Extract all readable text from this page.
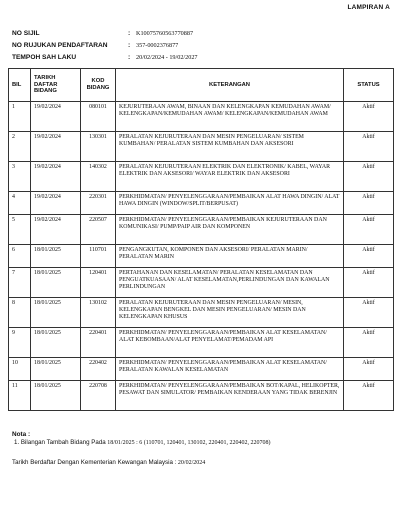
LAMPIRAN A
NO SIJIL	: K10075760563770887
NO RUJUKAN PENDAFTARAN	: 357-0002376877
TEMPOH SAH LAKU	: 20/02/2024 - 19/02/2027
BIL	TARIKH DAFTAR BIDANG	KOD BIDANG	KETERANGAN	STATUS
1	19/02/2024	080101	KEJURUTERAAN AWAM, BINAAN DAN KELENGKAPAN KEMUDAHAN AWAM/ KELENGKAPAN/KEMUDAHAN AWAM/ KELENGKAPAN/KEMUDAHAN AWAM	Aktif
2	19/02/2024	130301	PERALATAN KEJURUTERAAN DAN MESIN PENGELUARAN/ SISTEM KUMBAHAN/ PERALATAN SISTEM KUMBAHAN DAN AKSESORI	Aktif
3	19/02/2024	140302	PERALATAN KEJURUTERAAN ELEKTRIK DAN ELEKTRONIK/ KABEL, WAYAR ELEKTRIK DAN AKSESORI/ WAYAR ELEKTRIK DAN AKSESORI	Aktif
4	19/02/2024	220301	PERKHIDMATAN/ PENYELENGGARAAN/PEMBAIKAN ALAT HAWA DINGIN/ ALAT HAWA DINGIN (WINDOW/SPLIT/BERPUSAT)	Aktif
5	19/02/2024	220507	PERKHIDMATAN/ PENYELENGGARAAN/PEMBAIKAN KEJURUTERAAN DAN KOMUNIKASI/ PUMP/PAIP AIR DAN KOMPONEN	Aktif
6	18/01/2025	110701	PENGANGKUTAN, KOMPONEN DAN AKSESORI/ PERALATAN MARIN/ PERALATAN MARIN	Aktif
7	18/01/2025	120401	PERTAHANAN DAN KESELAMATAN/ PERALATAN KESELAMATAN DAN PENGUATKUASAAN/ ALAT KESELAMATAN,PERLINDUNGAN DAN KAWALAN PERLINDUNGAN	Aktif
8	18/01/2025	130102	PERALATAN KEJURUTERAAN DAN MESIN PENGELUARAN/ MESIN, KELENGKAPAN BENGKEL DAN MESIN PENGELUARAN/ MESIN DAN KELENGKAPAN KHUSUS	Aktif
9	18/01/2025	220401	PERKHIDMATAN/ PENYELENGGARAAN/PEMBAIKAN ALAT KESELAMATAN/ ALAT KEBOMBAAN/ALAT PENYELAMAT/PEMADAM API	Aktif
10	18/01/2025	220402	PERKHIDMATAN/ PENYELENGGARAAN/PEMBAIKAN ALAT KESELAMATAN/ PERALATAN KAWALAN KESELAMATAN	Aktif
11	18/01/2025	220708	PERKHIDMATAN/ PENYELENGGARAAN/PEMBAIKAN BOT/KAPAL, HELIKOPTER, PESAWAT DAN SIMULATOR/ PEMBAIKAN KENDERAAN YANG TIDAK BERENJIN	Aktif
Nota :
1. Bilangan Tambah Bidang Pada 18/01/2025 : 6 (110701, 120401, 130102, 220401, 220402, 220708)
Tarikh Berdaftar Dengan Kementerian Kewangan Malaysia : 20/02/2024
